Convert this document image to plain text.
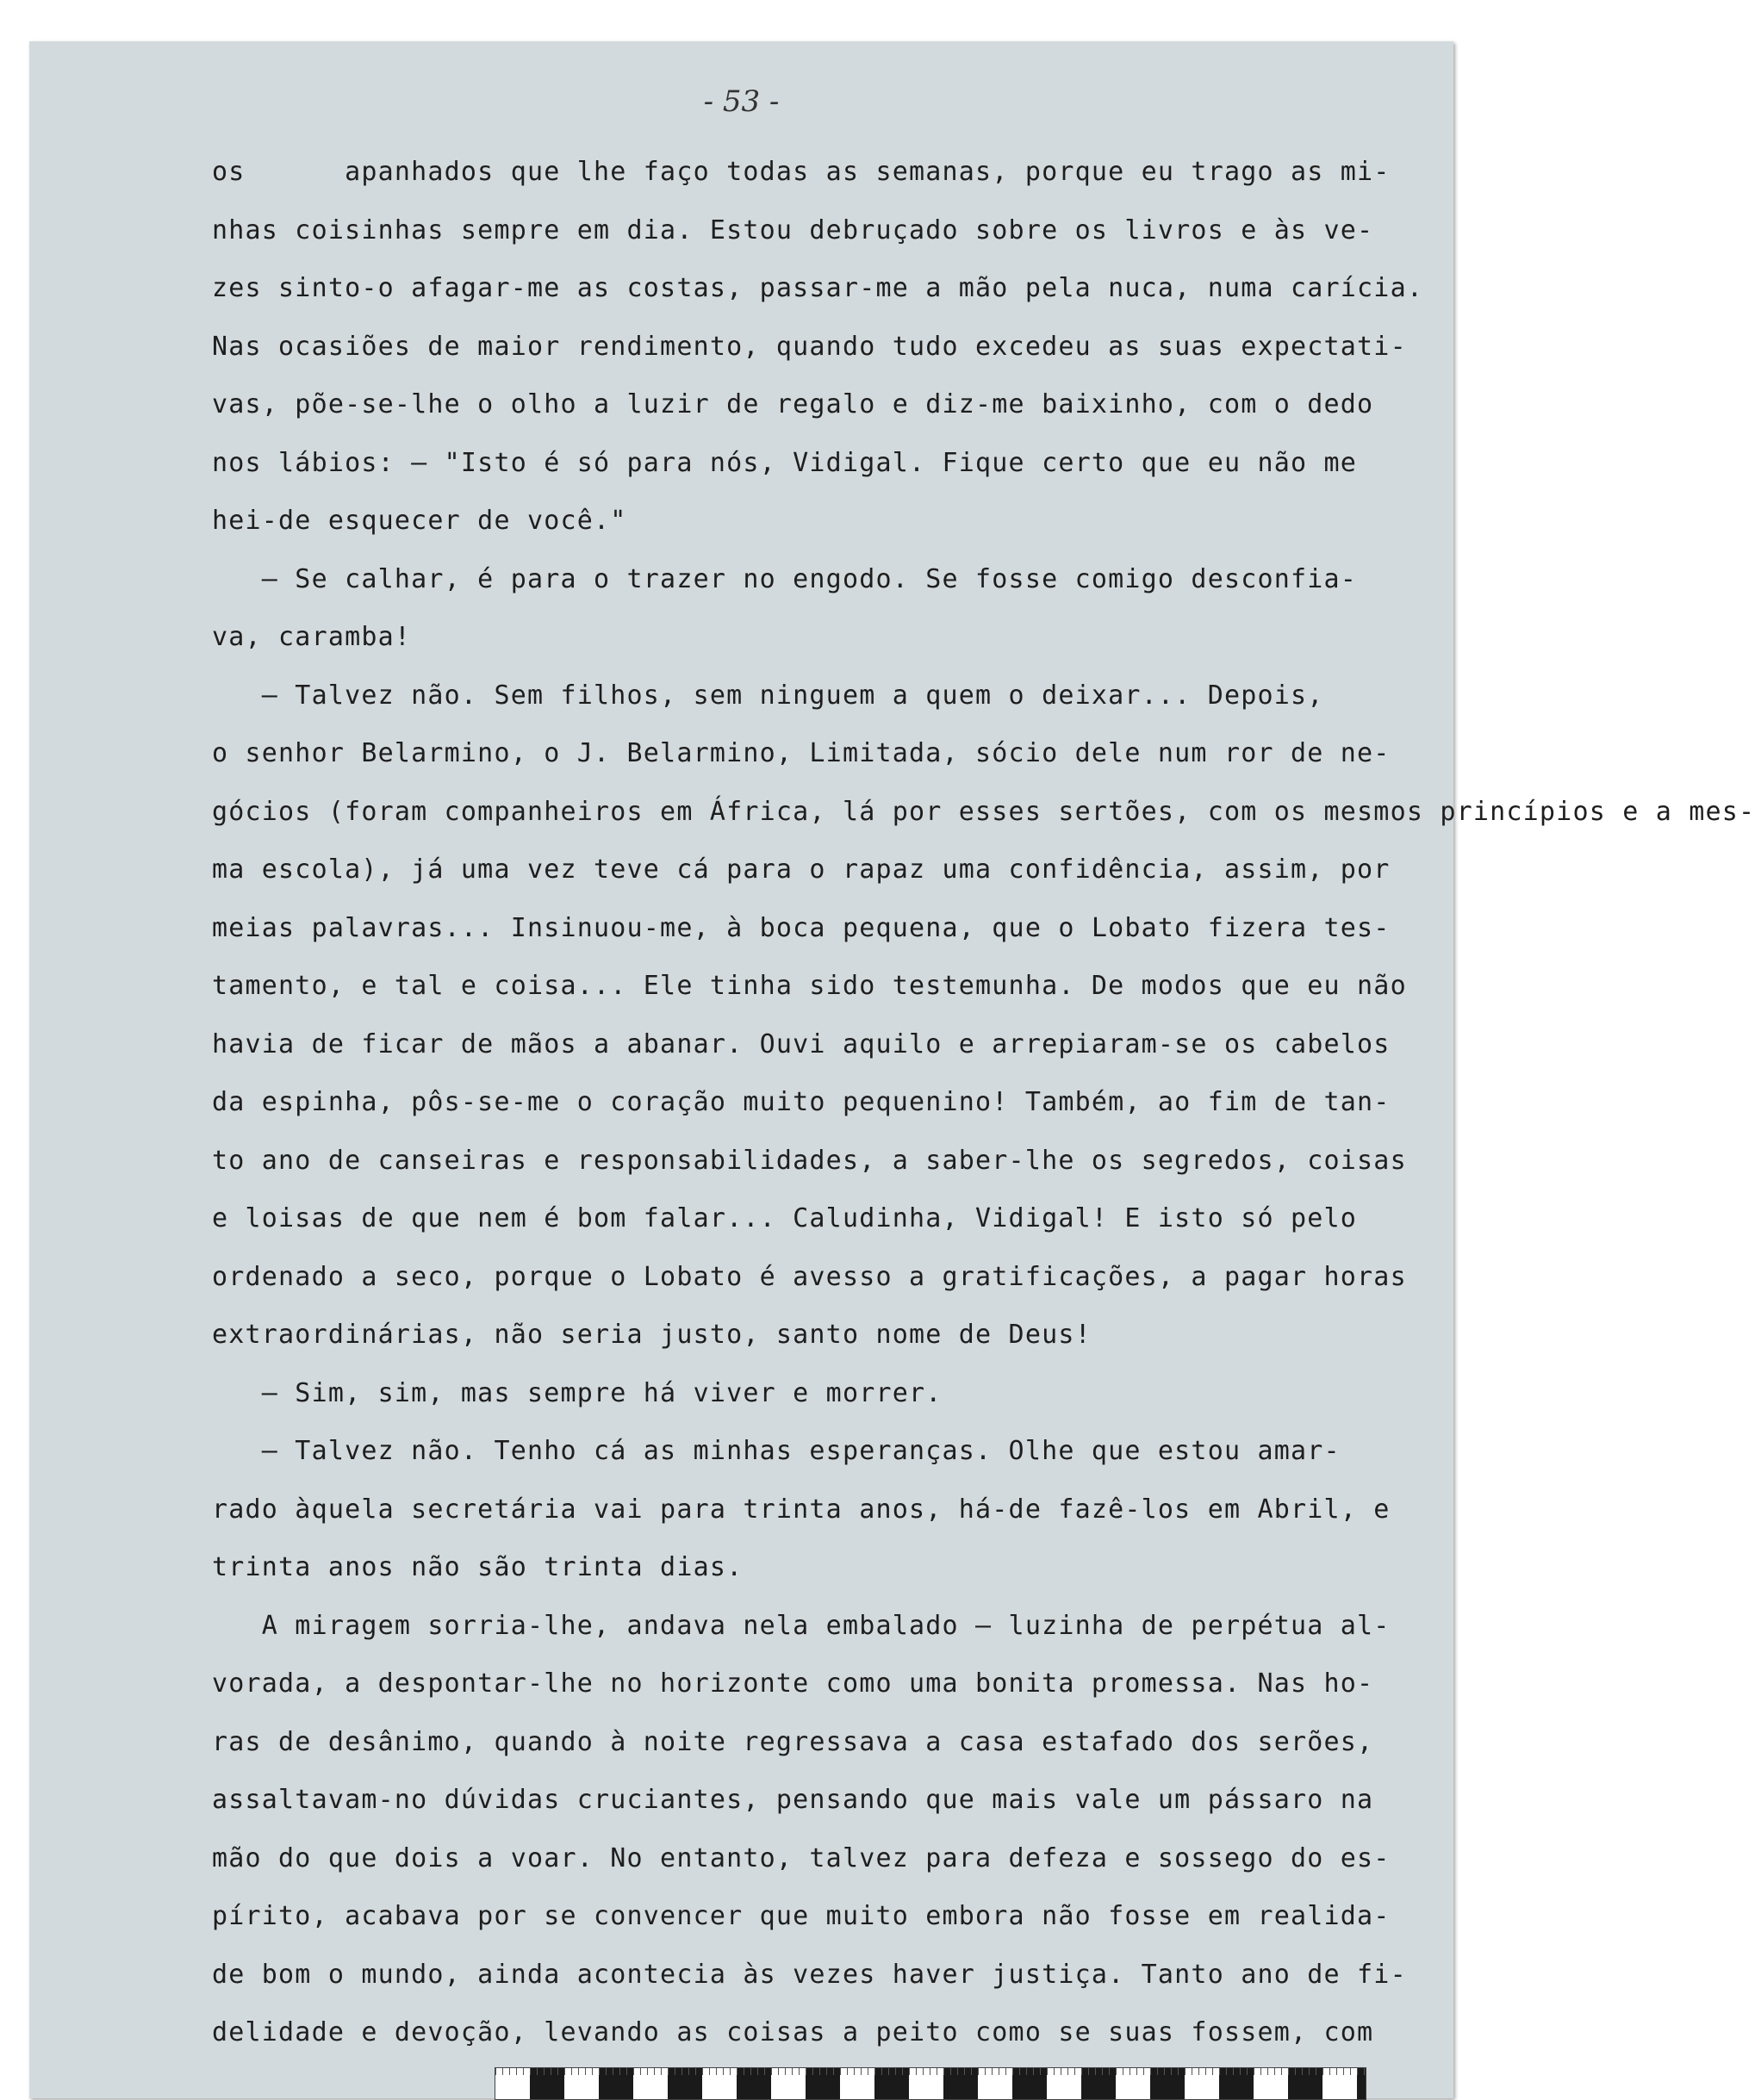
- 53 -
os      apanhados que lhe faço todas as semanas, porque eu trago as mi-
nhas coisinhas sempre em dia. Estou debruçado sobre os livros e às ve-
zes sinto-o afagar-me as costas, passar-me a mão pela nuca, numa carícia.
Nas ocasiões de maior rendimento, quando tudo excedeu as suas expectati-
vas, põe-se-lhe o olho a luzir de regalo e diz-me baixinho, com o dedo
nos lábios: — "Isto é só para nós, Vidigal. Fique certo que eu não me
hei-de esquecer de você."
— Se calhar, é para o trazer no engodo. Se fosse comigo desconfia-
va, caramba!
— Talvez não. Sem filhos, sem ninguem a quem o deixar... Depois,
o senhor Belarmino, o J. Belarmino, Limitada, sócio dele num ror de ne-
gócios (foram companheiros em África, lá por esses sertões, com os mesmos princípios e a mes-
ma escola), já uma vez teve cá para o rapaz uma confidência, assim, por
meias palavras... Insinuou-me, à boca pequena, que o Lobato fizera tes-
tamento, e tal e coisa... Ele tinha sido testemunha. De modos que eu não
havia de ficar de mãos a abanar. Ouvi aquilo e arrepiaram-se os cabelos
da espinha, pôs-se-me o coração muito pequenino! Também, ao fim de tan-
to ano de canseiras e responsabilidades, a saber-lhe os segredos, coisas
e loisas de que nem é bom falar... Caludinha, Vidigal! E isto só pelo
ordenado a seco, porque o Lobato é avesso a gratificações, a pagar horas
extraordinárias, não seria justo, santo nome de Deus!
— Sim, sim, mas sempre há viver e morrer.
— Talvez não. Tenho cá as minhas esperanças. Olhe que estou amar-
rado àquela secretária vai para trinta anos, há-de fazê-los em Abril, e
trinta anos não são trinta dias.
A miragem sorria-lhe, andava nela embalado — luzinha de perpétua al-
vorada, a despontar-lhe no horizonte como uma bonita promessa. Nas ho-
ras de desânimo, quando à noite regressava a casa estafado dos serões,
assaltavam-no dúvidas cruciantes, pensando que mais vale um pássaro na
mão do que dois a voar. No entanto, talvez para defeza e sossego do es-
pírito, acabava por se convencer que muito embora não fosse em realida-
de bom o mundo, ainda acontecia às vezes haver justiça. Tanto ano de fi-
delidade e devoção, levando as coisas a peito como se suas fossem, com
